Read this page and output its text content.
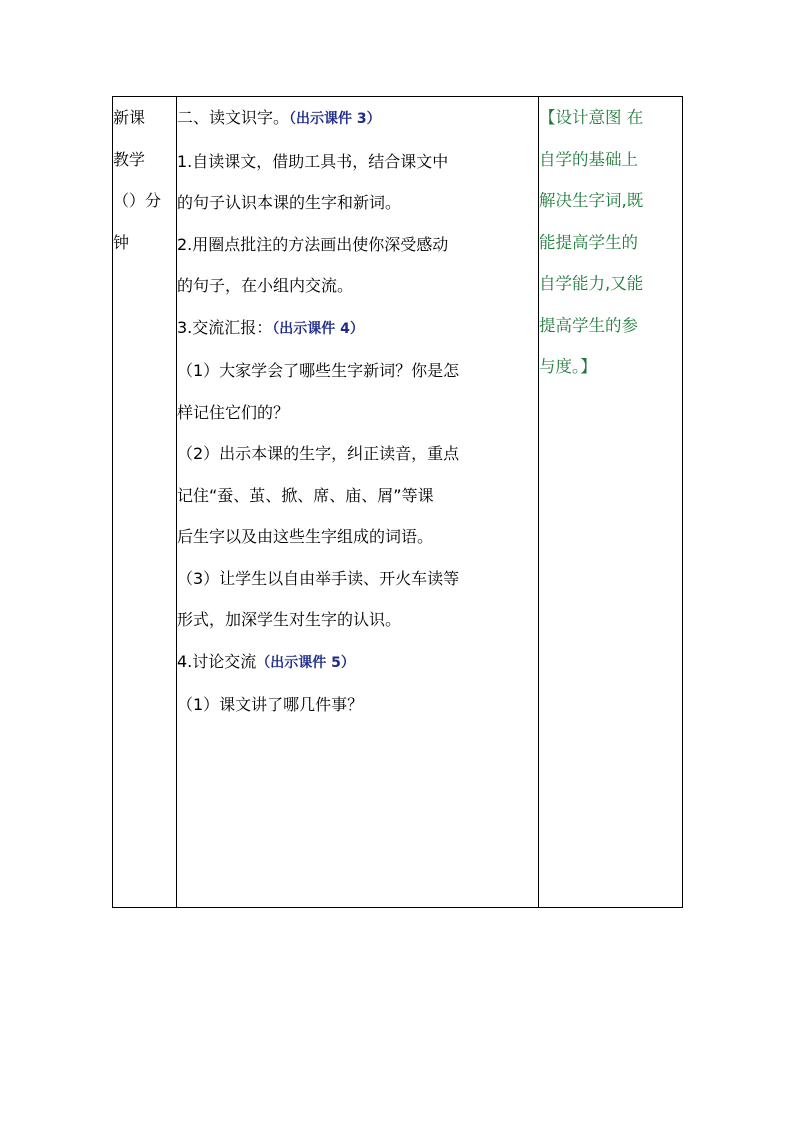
新课
教学
（）分
钟

二、读文识字。（出示课件 3）
1.自读课文，借助工具书，结合课文中
的句子认识本课的生字和新词。
2.用圈点批注的方法画出使你深受感动
的句子，在小组内交流。
3.交流汇报：（出示课件 4）
（1）大家学会了哪些生字新词？你是怎
样记住它们的？
（2）出示本课的生字，纠正读音，重点
记住“蚕、茧、掀、席、庙、屑”等课
后生字以及由这些生字组成的词语。
（3）让学生以自由举手读、开火车读等
形式，加深学生对生字的认识。
4.讨论交流（出示课件 5）
（1）课文讲了哪几件事？

【设计意图 在
自学的基础上
解决生字词,既
能提高学生的
自学能力,又能
提高学生的参
与度。】
